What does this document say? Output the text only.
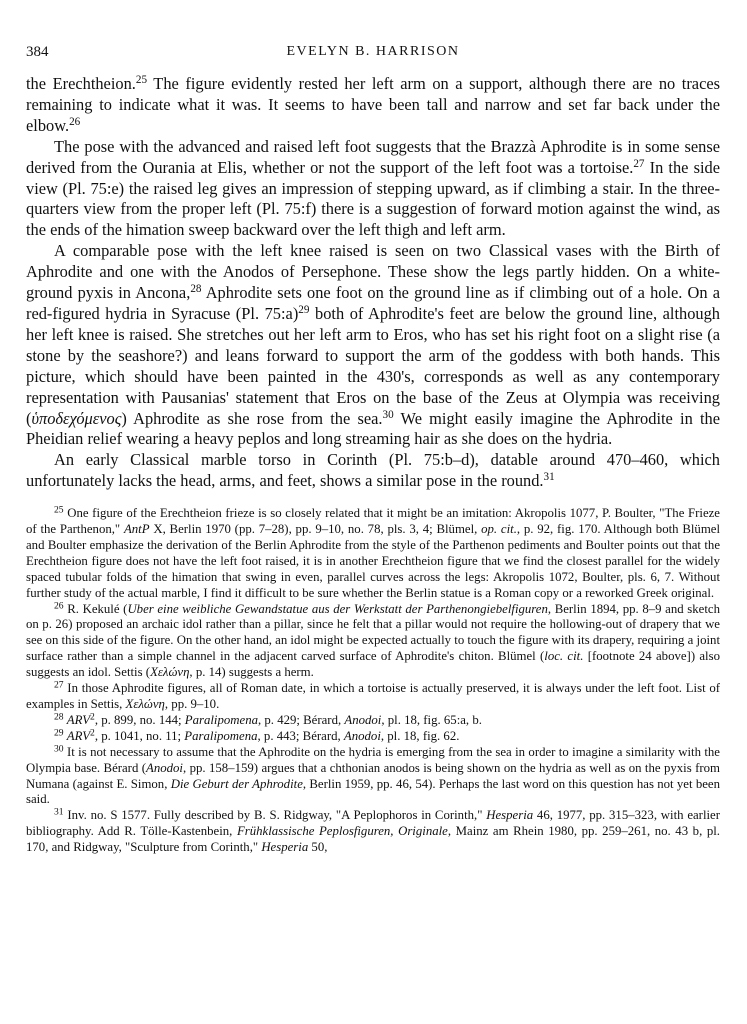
384	EVELYN B. HARRISON

the Erechtheion.$^{25}$ The figure evidently rested her left arm on a support, although there are no traces remaining to indicate what it was. It seems to have been tall and narrow and set far back under the elbow.$^{26}$

The pose with the advanced and raised left foot suggests that the Brazzà Aphrodite is in some sense derived from the Ourania at Elis, whether or not the support of the left foot was a tortoise.$^{27}$ In the side view (Pl. 75:e) the raised leg gives an impression of stepping upward, as if climbing a stair. In the three-quarters view from the proper left (Pl. 75:f) there is a suggestion of forward motion against the wind, as the ends of the himation sweep backward over the left thigh and left arm.

A comparable pose with the left knee raised is seen on two Classical vases with the Birth of Aphrodite and one with the Anodos of Persephone. These show the legs partly hidden. On a white-ground pyxis in Ancona,$^{28}$ Aphrodite sets one foot on the ground line as if climbing out of a hole. On a red-figured hydria in Syracuse (Pl. 75:a)$^{29}$ both of Aphrodite's feet are below the ground line, although her left knee is raised. She stretches out her left arm to Eros, who has set his right foot on a slight rise (a stone by the seashore?) and leans forward to support the arm of the goddess with both hands. This picture, which should have been painted in the 430's, corresponds as well as any contemporary representation with Pausanias' statement that Eros on the base of the Zeus at Olympia was receiving (ὑποδεχόμενος) Aphrodite as she rose from the sea.$^{30}$ We might easily imagine the Aphrodite in the Pheidian relief wearing a heavy peplos and long streaming hair as she does on the hydria.

An early Classical marble torso in Corinth (Pl. 75:b–d), datable around 470–460, which unfortunately lacks the head, arms, and feet, shows a similar pose in the round.$^{31}$

$^{25}$ One figure of the Erechtheion frieze is so closely related that it might be an imitation: Akropolis 1077, P. Boulter, "The Frieze of the Parthenon," AntP X, Berlin 1970 (pp. 7–28), pp. 9–10, no. 78, pls. 3, 4; Blümel, op. cit., p. 92, fig. 170. Although both Blümel and Boulter emphasize the derivation of the Berlin Aphrodite from the style of the Parthenon pediments and Boulter points out that the Erechtheion figure does not have the left foot raised, it is in another Erechtheion figure that we find the closest parallel for the widely spaced tubular folds of the himation that swing in even, parallel curves across the legs: Akropolis 1072, Boulter, pls. 6, 7. Without further study of the actual marble, I find it difficult to be sure whether the Berlin statue is a Roman copy or a reworked Greek original.

$^{26}$ R. Kekulé (Uber eine weibliche Gewandstatue aus der Werkstatt der Parthenongiebelfiguren, Berlin 1894, pp. 8–9 and sketch on p. 26) proposed an archaic idol rather than a pillar, since he felt that a pillar would not require the hollowing-out of drapery that we see on this side of the figure. On the other hand, an idol might be expected actually to touch the figure with its drapery, requiring a joint surface rather than a simple channel in the adjacent carved surface of Aphrodite's chiton. Blümel (loc. cit. [footnote 24 above]) also suggests an idol. Settis (Χελώνη, p. 14) suggests a herm.

$^{27}$ In those Aphrodite figures, all of Roman date, in which a tortoise is actually preserved, it is always under the left foot. List of examples in Settis, Χελώνη, pp. 9–10.

$^{28}$ ARV$^2$, p. 899, no. 144; Paralipomena, p. 429; Bérard, Anodoi, pl. 18, fig. 65:a, b.

$^{29}$ ARV$^2$, p. 1041, no. 11; Paralipomena, p. 443; Bérard, Anodoi, pl. 18, fig. 62.

$^{30}$ It is not necessary to assume that the Aphrodite on the hydria is emerging from the sea in order to imagine a similarity with the Olympia base. Bérard (Anodoi, pp. 158–159) argues that a chthonian anodos is being shown on the hydria as well as on the pyxis from Numana (against E. Simon, Die Geburt der Aphrodite, Berlin 1959, pp. 46, 54). Perhaps the last word on this question has not yet been said.

$^{31}$ Inv. no. S 1577. Fully described by B. S. Ridgway, "A Peplophoros in Corinth," Hesperia 46, 1977, pp. 315–323, with earlier bibliography. Add R. Tölle-Kastenbein, Frühklassische Peplosfiguren, Originale, Mainz am Rhein 1980, pp. 259–261, no. 43 b, pl. 170, and Ridgway, "Sculpture from Corinth," Hesperia 50,
